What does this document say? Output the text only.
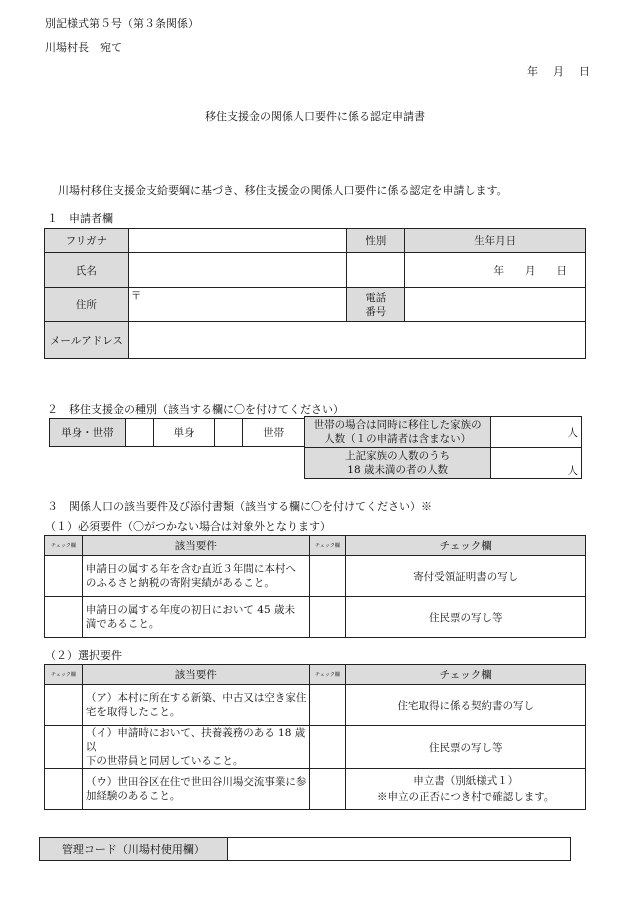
別記様式第５号（第３条関係）
川場村長　宛て
年　月　日
移住支援金の関係人口要件に係る認定申請書
川場村移住支援金支給要綱に基づき、移住支援金の関係人口要件に係る認定を申請します。
１　申請者欄
フリガナ		性別	生年月日
氏名			年　　月　　日
住所	〒	電話
番号	
メールアドレス			
２　移住支援金の種別（該当する欄に〇を付けてください）
単身・世帯		単身		世帯
世帯の場合は同時に移住した家族の
人数（１の申請者は含まない）	人
上記家族の人数のうち
18 歳未満の者の人数	人
３　関係人口の該当要件及び添付書類（該当する欄に〇を付けてください）※
（１）必須要件（〇がつかない場合は対象外となります）
チェック欄	該当要件	チェック欄	チェック欄
	申請日の属する年を含む直近３年間に本村へ
のふるさと納税の寄附実績があること。		寄付受領証明書の写し
	申請日の属する年度の初日において 45 歳未
満であること。		住民票の写し等
（２）選択要件
チェック欄	該当要件	チェック欄	チェック欄
	（ア）本村に所在する新築、中古又は空き家住
宅を取得したこと。		住宅取得に係る契約書の写し
	（イ）申請時において、扶養義務のある 18 歳以
下の世帯員と同居していること。		住民票の写し等
	（ウ）世田谷区在住で世田谷川場交流事業に参
加経験のあること。		申立書（別紙様式１）
※申立の正否につき村で確認します。
管理コード（川場村使用欄）	
